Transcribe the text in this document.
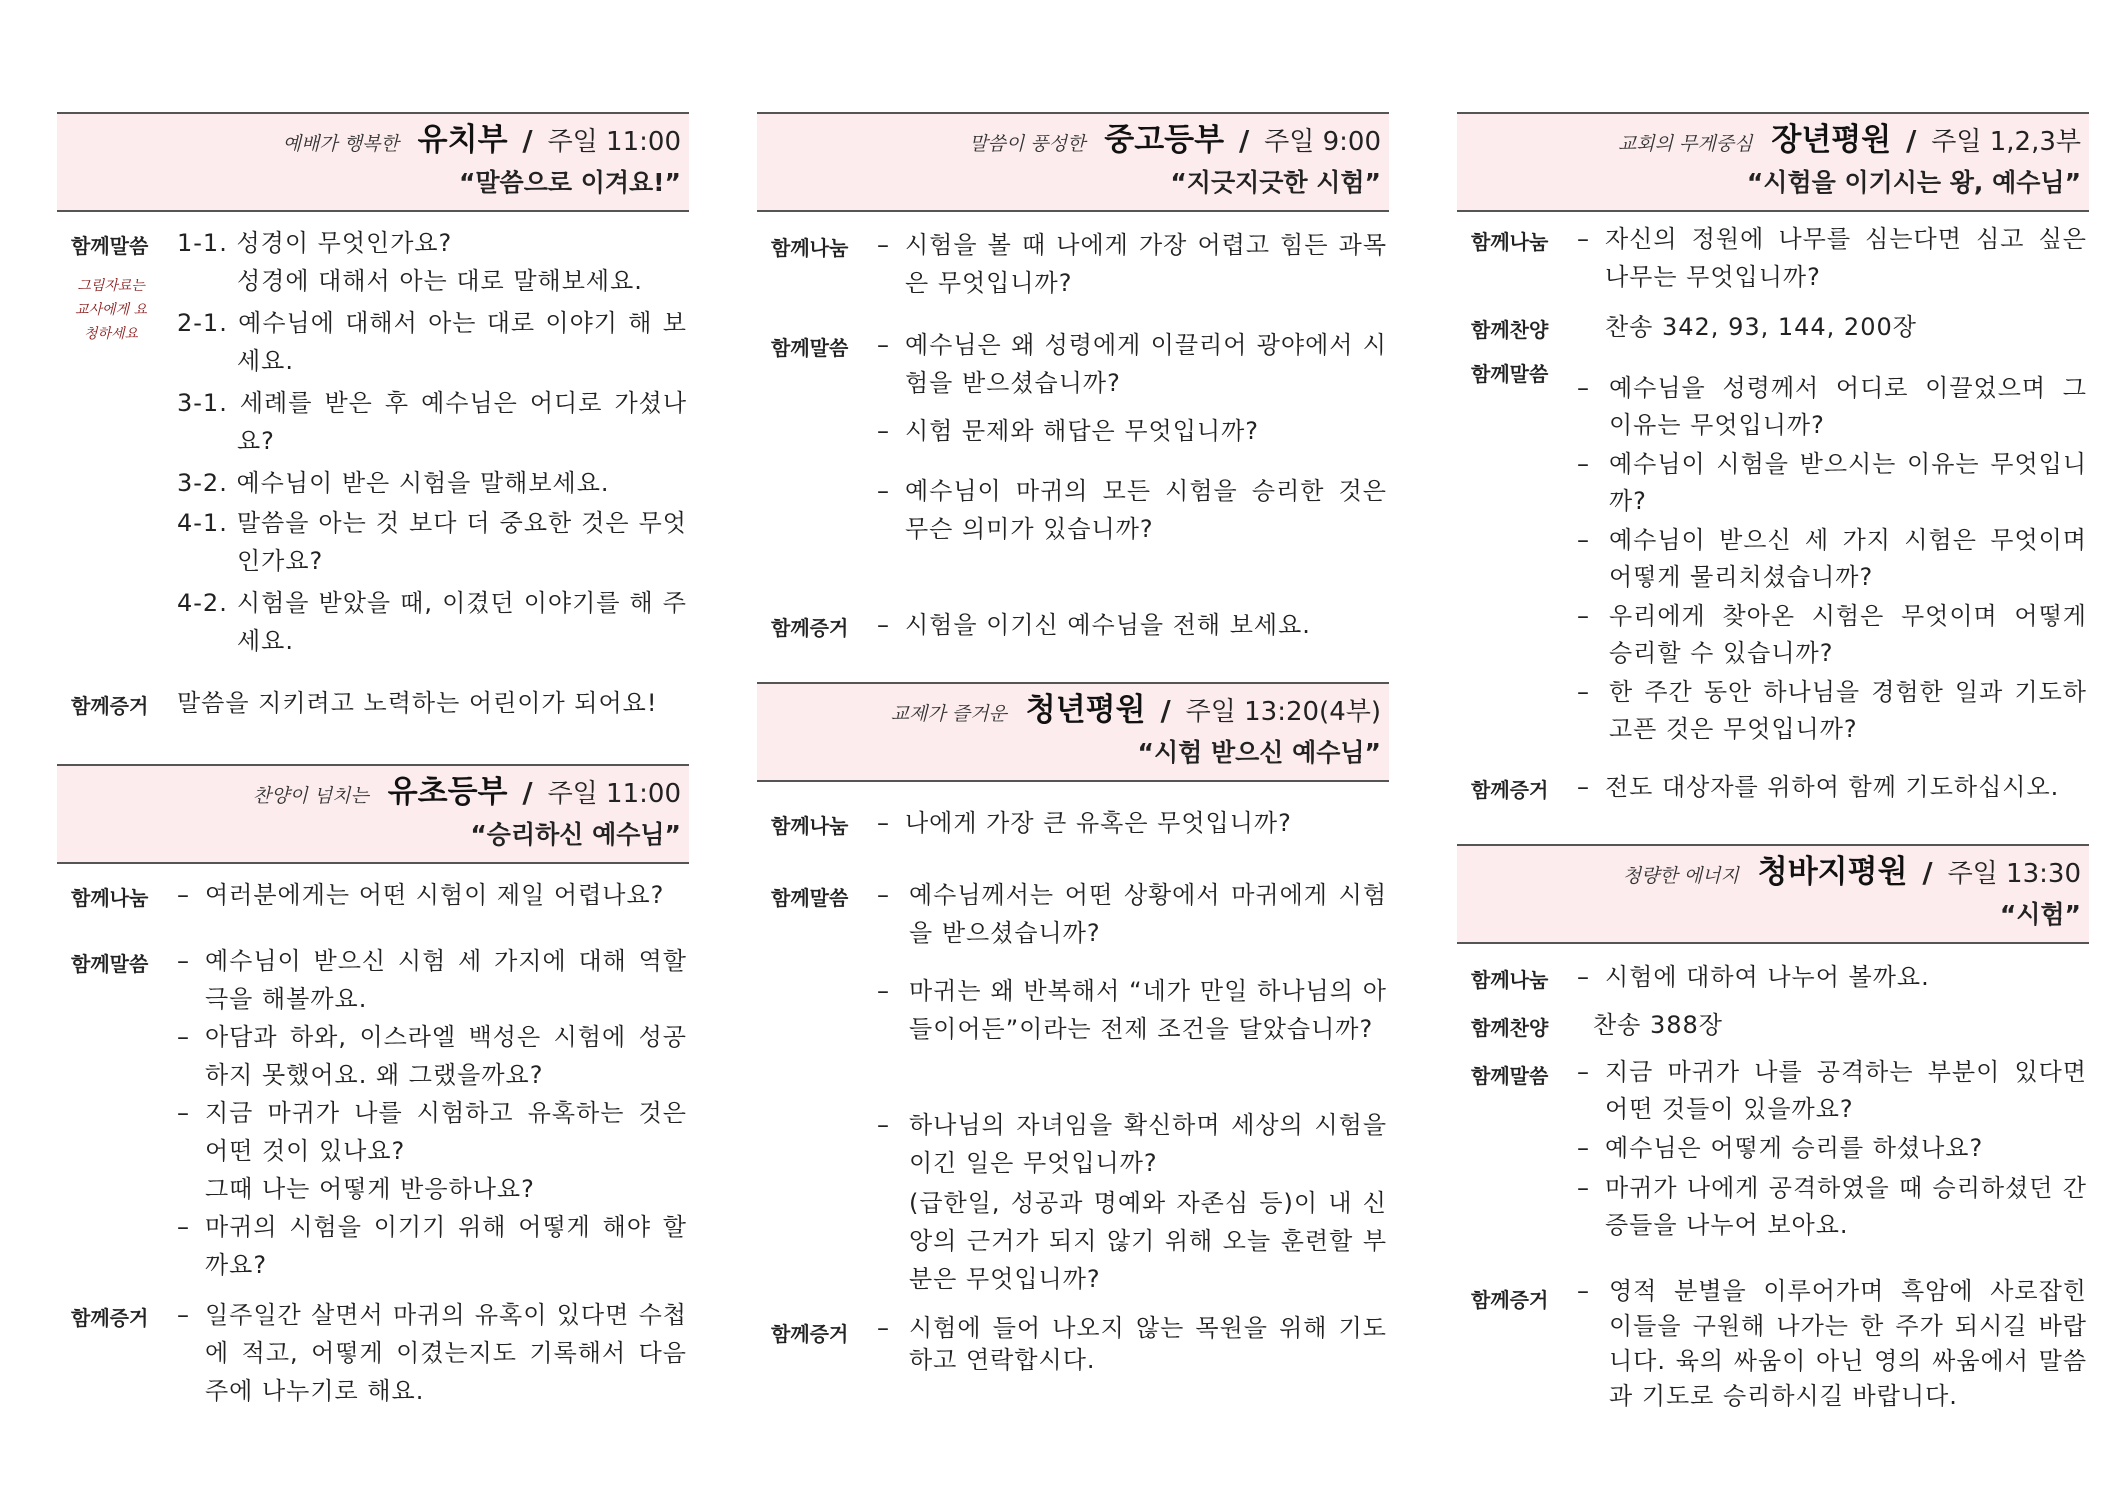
예배가 행복한 유치부 / 주일 11:00
“말씀으로 이겨요!”
함께말씀
그림자료는 교사에게 요청하세요
1-1. 성경이 무엇인가요?
성경에 대해서 아는 대로 말해보세요.
2-1. 예수님에 대해서 아는 대로 이야기 해 보세요.
3-1. 세례를 받은 후 예수님은 어디로 가셨나요?
3-2. 예수님이 받은 시험을 말해보세요.
4-1. 말씀을 아는 것 보다 더 중요한 것은 무엇인가요?
4-2. 시험을 받았을 때, 이겼던 이야기를 해 주세요.
함께증거 말씀을 지키려고 노력하는 어린이가 되어요!
찬양이 넘치는 유초등부 / 주일 11:00
“승리하신 예수님”
함께나눔 – 여러분에게는 어떤 시험이 제일 어렵나요?
함께말씀 – 예수님이 받으신 시험 세 가지에 대해 역할극을 해볼까요.
– 아담과 하와, 이스라엘 백성은 시험에 성공하지 못했어요. 왜 그랬을까요?
– 지금 마귀가 나를 시험하고 유혹하는 것은 어떤 것이 있나요?
그때 나는 어떻게 반응하나요?
– 마귀의 시험을 이기기 위해 어떻게 해야 할까요?
함께증거 – 일주일간 살면서 마귀의 유혹이 있다면 수첩에 적고, 어떻게 이겼는지도 기록해서 다음 주에 나누기로 해요.
말씀이 풍성한 중고등부 / 주일 9:00
“지긋지긋한 시험”
함께나눔 – 시험을 볼 때 나에게 가장 어렵고 힘든 과목은 무엇입니까?
함께말씀 – 예수님은 왜 성령에게 이끌리어 광야에서 시험을 받으셨습니까?
– 시험 문제와 해답은 무엇입니까?
– 예수님이 마귀의 모든 시험을 승리한 것은 무슨 의미가 있습니까?
함께증거 – 시험을 이기신 예수님을 전해 보세요.
교제가 즐거운 청년평원 / 주일 13:20(4부)
“시험 받으신 예수님”
함께나눔 – 나에게 가장 큰 유혹은 무엇입니까?
함께말씀 – 예수님께서는 어떤 상황에서 마귀에게 시험을 받으셨습니까?
– 마귀는 왜 반복해서 “네가 만일 하나님의 아들이어든”이라는 전제 조건을 달았습니까?
– 하나님의 자녀임을 확신하며 세상의 시험을 이긴 일은 무엇입니까?
(급한일, 성공과 명예와 자존심 등)이 내 신앙의 근거가 되지 않기 위해 오늘 훈련할 부분은 무엇입니까?
함께증거 – 시험에 들어 나오지 않는 목원을 위해 기도하고 연락합시다.
교회의 무게중심 장년평원 / 주일 1,2,3부
“시험을 이기시는 왕, 예수님”
함께나눔 – 자신의 정원에 나무를 심는다면 심고 싶은 나무는 무엇입니까?
함께찬양 찬송 342, 93, 144, 200장
함께말씀 – 예수님을 성령께서 어디로 이끌었으며 그 이유는 무엇입니까?
– 예수님이 시험을 받으시는 이유는 무엇입니까?
– 예수님이 받으신 세 가지 시험은 무엇이며 어떻게 물리치셨습니까?
– 우리에게 찾아온 시험은 무엇이며 어떻게 승리할 수 있습니까?
– 한 주간 동안 하나님을 경험한 일과 기도하고픈 것은 무엇입니까?
함께증거 – 전도 대상자를 위하여 함께 기도하십시오.
청량한 에너지 청바지평원 / 주일 13:30
“시험”
함께나눔 – 시험에 대하여 나누어 볼까요.
함께찬양 찬송 388장
함께말씀 – 지금 마귀가 나를 공격하는 부분이 있다면 어떤 것들이 있을까요?
– 예수님은 어떻게 승리를 하셨나요?
– 마귀가 나에게 공격하였을 때 승리하셨던 간증들을 나누어 보아요.
함께증거 – 영적 분별을 이루어가며 흑암에 사로잡힌 이들을 구원해 나가는 한 주가 되시길 바랍니다. 육의 싸움이 아닌 영의 싸움에서 말씀과 기도로 승리하시길 바랍니다.
